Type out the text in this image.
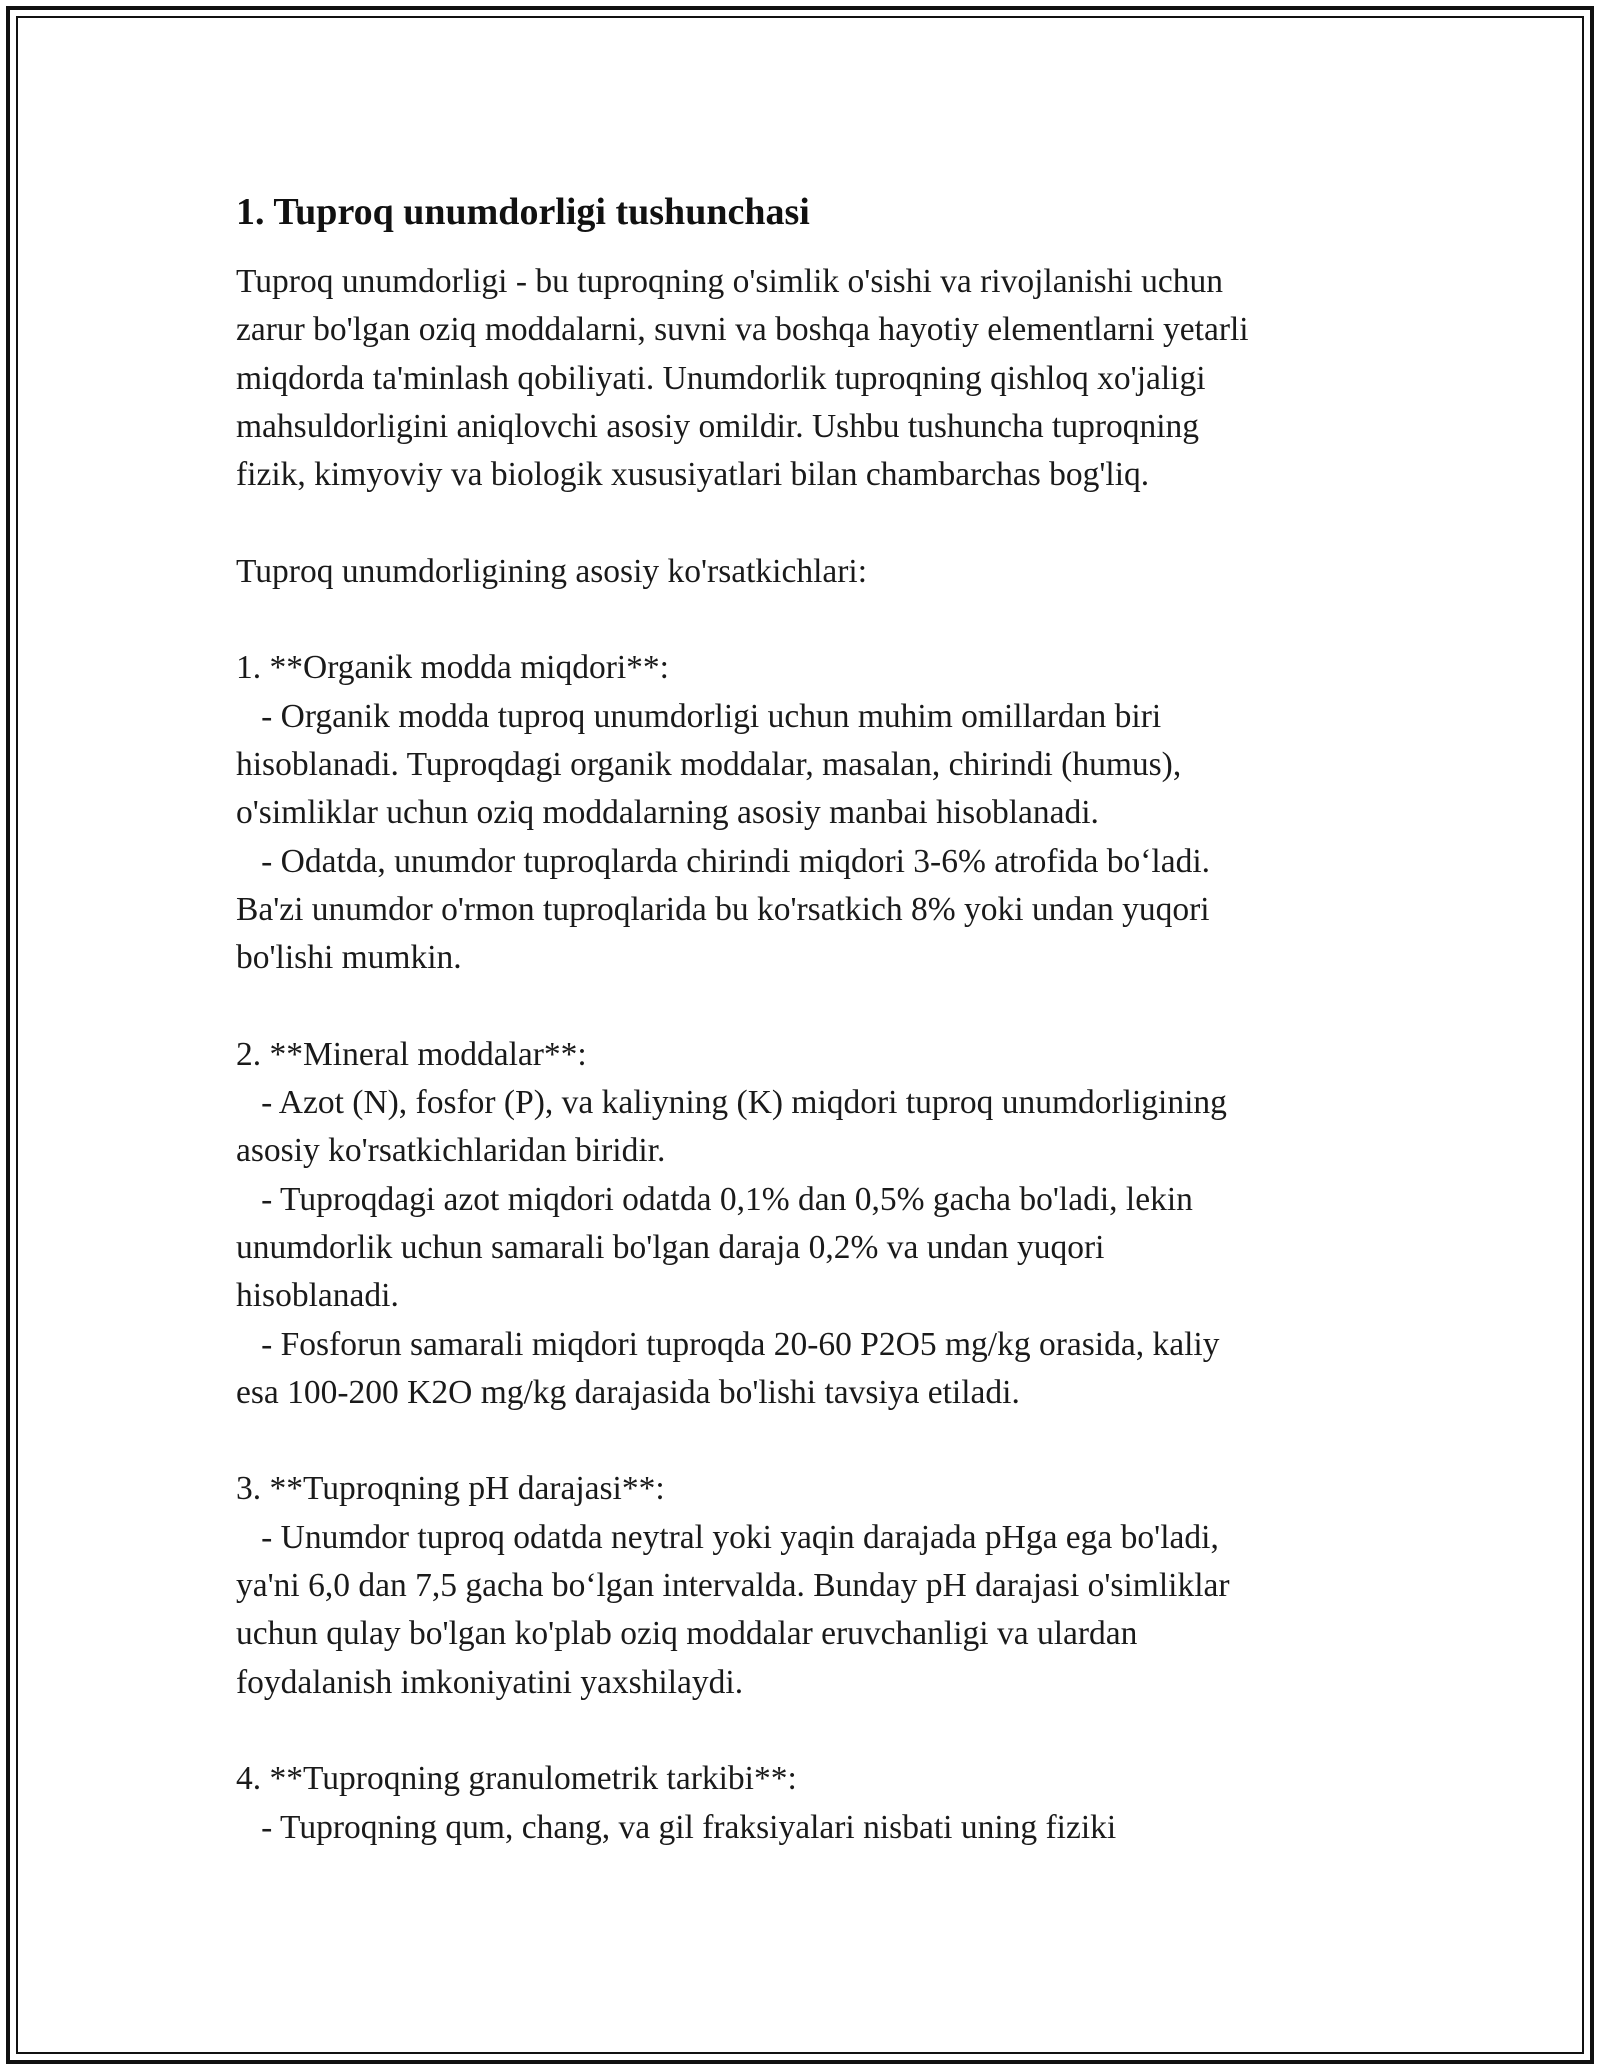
1. Tuproq unumdorligi tushunchasi

Tuproq unumdorligi - bu tuproqning o'simlik o'sishi va rivojlanishi uchun
zarur bo'lgan oziq moddalarni, suvni va boshqa hayotiy elementlarni yetarli
miqdorda ta'minlash qobiliyati. Unumdorlik tuproqning qishloq xo'jaligi
mahsuldorligini aniqlovchi asosiy omildir. Ushbu tushuncha tuproqning
fizik, kimyoviy va biologik xususiyatlari bilan chambarchas bog'liq.

Tuproq unumdorligining asosiy ko'rsatkichlari:

1. **Organik modda miqdori**:
- Organik modda tuproq unumdorligi uchun muhim omillardan biri
hisoblanadi. Tuproqdagi organik moddalar, masalan, chirindi (humus),
o'simliklar uchun oziq moddalarning asosiy manbai hisoblanadi.
- Odatda, unumdor tuproqlarda chirindi miqdori 3-6% atrofida bo‘ladi.
Ba'zi unumdor o'rmon tuproqlarida bu ko'rsatkich 8% yoki undan yuqori
bo'lishi mumkin.

2. **Mineral moddalar**:
- Azot (N), fosfor (P), va kaliyning (K) miqdori tuproq unumdorligining
asosiy ko'rsatkichlaridan biridir.
- Tuproqdagi azot miqdori odatda 0,1% dan 0,5% gacha bo'ladi, lekin
unumdorlik uchun samarali bo'lgan daraja 0,2% va undan yuqori
hisoblanadi.
- Fosforun samarali miqdori tuproqda 20-60 P2O5 mg/kg orasida, kaliy
esa 100-200 K2O mg/kg darajasida bo'lishi tavsiya etiladi.

3. **Tuproqning pH darajasi**:
- Unumdor tuproq odatda neytral yoki yaqin darajada pHga ega bo'ladi,
ya'ni 6,0 dan 7,5 gacha bo‘lgan intervalda. Bunday pH darajasi o'simliklar
uchun qulay bo'lgan ko'plab oziq moddalar eruvchanligi va ulardan
foydalanish imkoniyatini yaxshilaydi.

4. **Tuproqning granulometrik tarkibi**:
- Tuproqning qum, chang, va gil fraksiyalari nisbati uning fiziki
